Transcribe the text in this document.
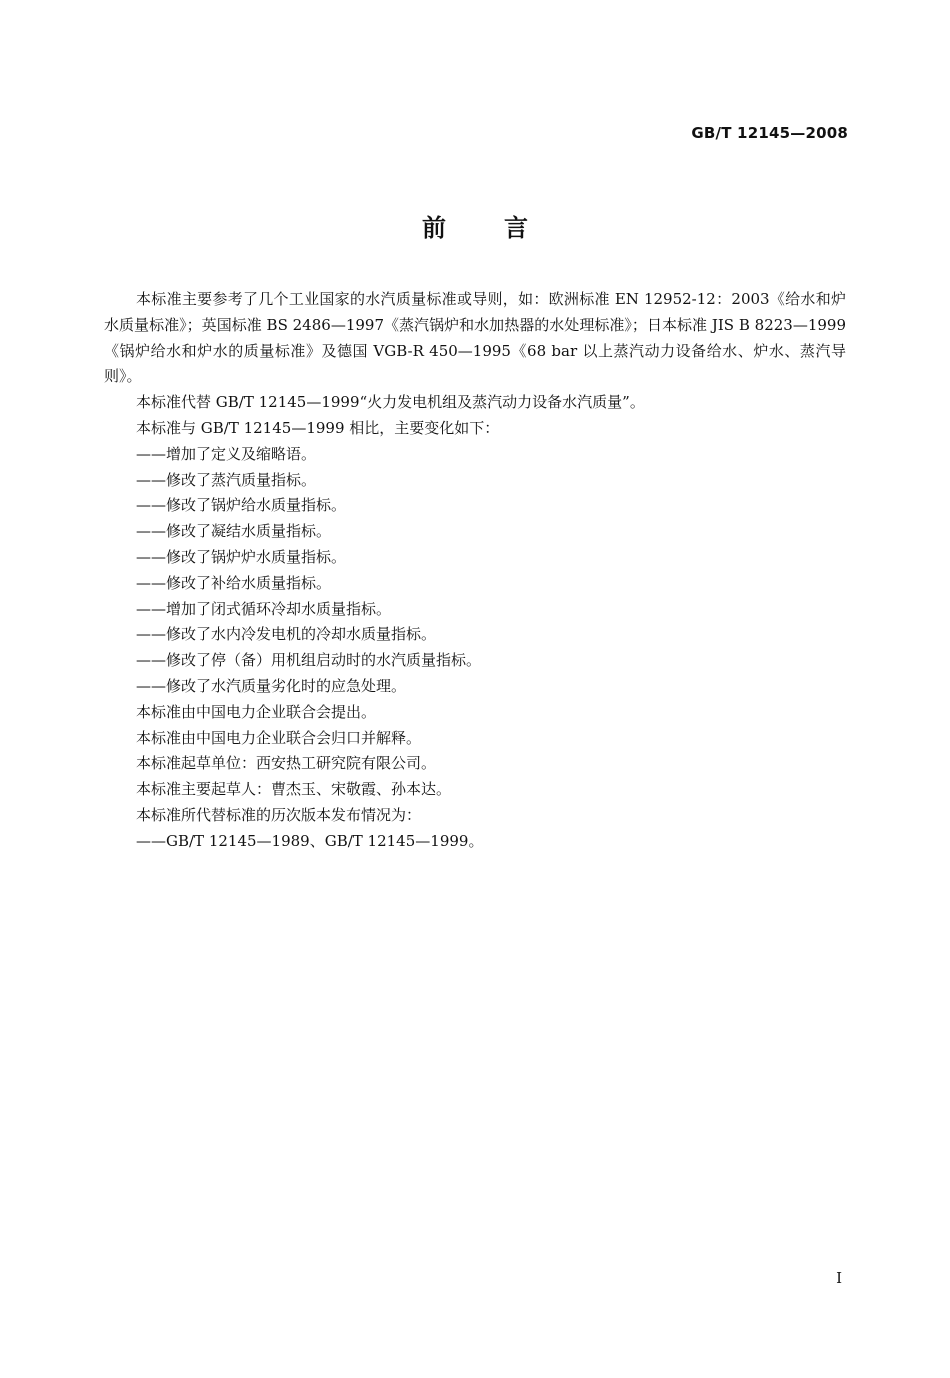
GB/T 12145—2008
前言

本标准主要参考了几个工业国家的水汽质量标准或导则，如：欧洲标准 EN 12952-12：2003《给水和炉水质量标准》；英国标准 BS 2486—1997《蒸汽锅炉和水加热器的水处理标准》；日本标准 JIS B 8223—1999《锅炉给水和炉水的质量标准》及德国 VGB-R 450—1995《68 bar 以上蒸汽动力设备给水、炉水、蒸汽导则》。

本标准代替 GB/T 12145—1999“火力发电机组及蒸汽动力设备水汽质量”。

本标准与 GB/T 12145—1999 相比，主要变化如下：

——增加了定义及缩略语。

——修改了蒸汽质量指标。

——修改了锅炉给水质量指标。

——修改了凝结水质量指标。

——修改了锅炉炉水质量指标。

——修改了补给水质量指标。

——增加了闭式循环冷却水质量指标。

——修改了水内冷发电机的冷却水质量指标。

——修改了停（备）用机组启动时的水汽质量指标。

——修改了水汽质量劣化时的应急处理。

本标准由中国电力企业联合会提出。

本标准由中国电力企业联合会归口并解释。

本标准起草单位：西安热工研究院有限公司。

本标准主要起草人：曹杰玉、宋敬霞、孙本达。

本标准所代替标准的历次版本发布情况为：

——GB/T 12145—1989、GB/T 12145—1999。

I
